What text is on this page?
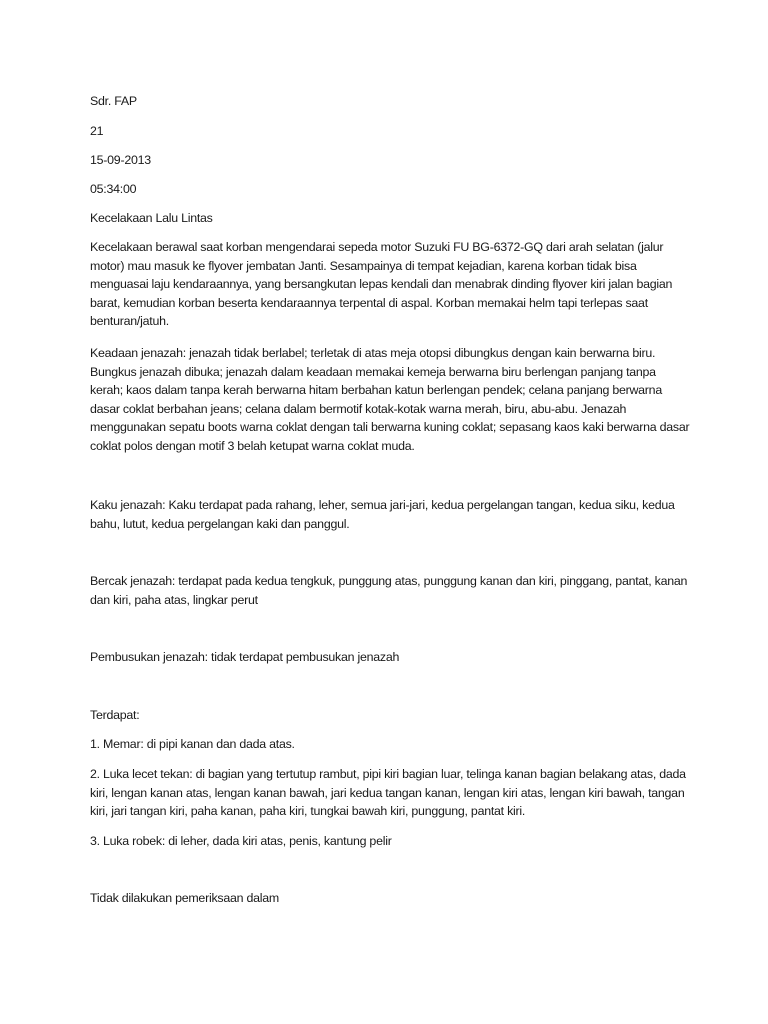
Sdr. FAP

21

15-09-2013

05:34:00

Kecelakaan Lalu Lintas

Kecelakaan berawal saat korban mengendarai sepeda motor Suzuki FU BG-6372-GQ dari arah selatan (jalur motor) mau masuk ke flyover jembatan Janti. Sesampainya di tempat kejadian, karena korban tidak bisa menguasai laju kendaraannya, yang bersangkutan lepas kendali dan menabrak dinding flyover kiri jalan bagian barat, kemudian korban beserta kendaraannya terpental di aspal. Korban memakai helm tapi terlepas saat benturan/jatuh.

Keadaan jenazah: jenazah tidak berlabel; terletak di atas meja otopsi dibungkus dengan kain berwarna biru. Bungkus jenazah dibuka; jenazah dalam keadaan memakai kemeja berwarna biru berlengan panjang tanpa kerah; kaos dalam tanpa kerah berwarna hitam berbahan katun berlengan pendek; celana panjang berwarna dasar coklat berbahan jeans; celana dalam bermotif kotak-kotak warna merah, biru, abu-abu. Jenazah menggunakan sepatu boots warna coklat dengan tali berwarna kuning coklat; sepasang kaos kaki berwarna dasar coklat polos dengan motif 3 belah ketupat warna coklat muda.

Kaku jenazah: Kaku terdapat pada rahang, leher, semua jari-jari, kedua pergelangan tangan, kedua siku, kedua bahu, lutut, kedua pergelangan kaki dan panggul.

Bercak jenazah: terdapat pada kedua tengkuk, punggung atas, punggung kanan dan kiri, pinggang, pantat, kanan dan kiri, paha atas, lingkar perut

Pembusukan jenazah: tidak terdapat pembusukan jenazah

Terdapat:

1. Memar: di pipi kanan dan dada atas.

2. Luka lecet tekan: di bagian yang tertutup rambut, pipi kiri bagian luar, telinga kanan bagian belakang atas, dada kiri, lengan kanan atas, lengan kanan bawah, jari kedua tangan kanan, lengan kiri atas, lengan kiri bawah, tangan kiri, jari tangan kiri, paha kanan, paha kiri, tungkai bawah kiri, punggung, pantat kiri.

3. Luka robek: di leher, dada kiri atas, penis, kantung pelir

Tidak dilakukan pemeriksaan dalam
